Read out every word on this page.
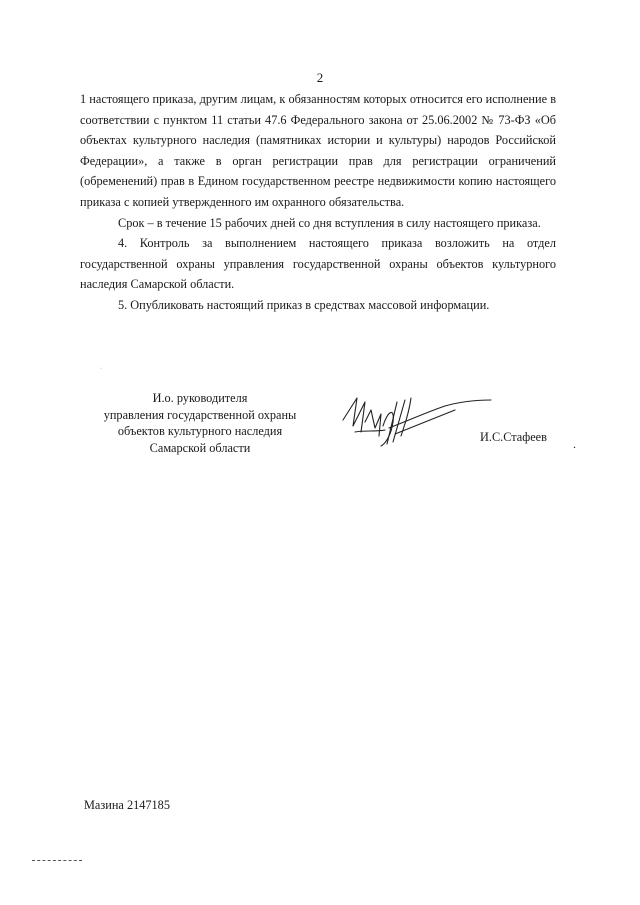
2

1 настоящего приказа, другим лицам, к обязанностям которых относится его исполнение в соответствии с пунктом 11 статьи 47.6 Федерального закона от 25.06.2002 № 73-ФЗ «Об объектах культурного наследия (памятниках истории и культуры) народов Российской Федерации», а также в орган регистрации прав для регистрации ограничений (обременений) прав в Едином государственном реестре недвижимости копию настоящего приказа с копией утвержденного им охранного обязательства.

Срок – в течение 15 рабочих дней со дня вступления в силу настоящего приказа.

4. Контроль за выполнением настоящего приказа возложить на отдел государственной охраны управления государственной охраны объектов культурного наследия Самарской области.

5. Опубликовать настоящий приказ в средствах массовой информации.

·
И.о. руководителя
управления государственной охраны
объектов культурного наследия
Самарской области
И.С.Стафеев .
Мазина 2147185
